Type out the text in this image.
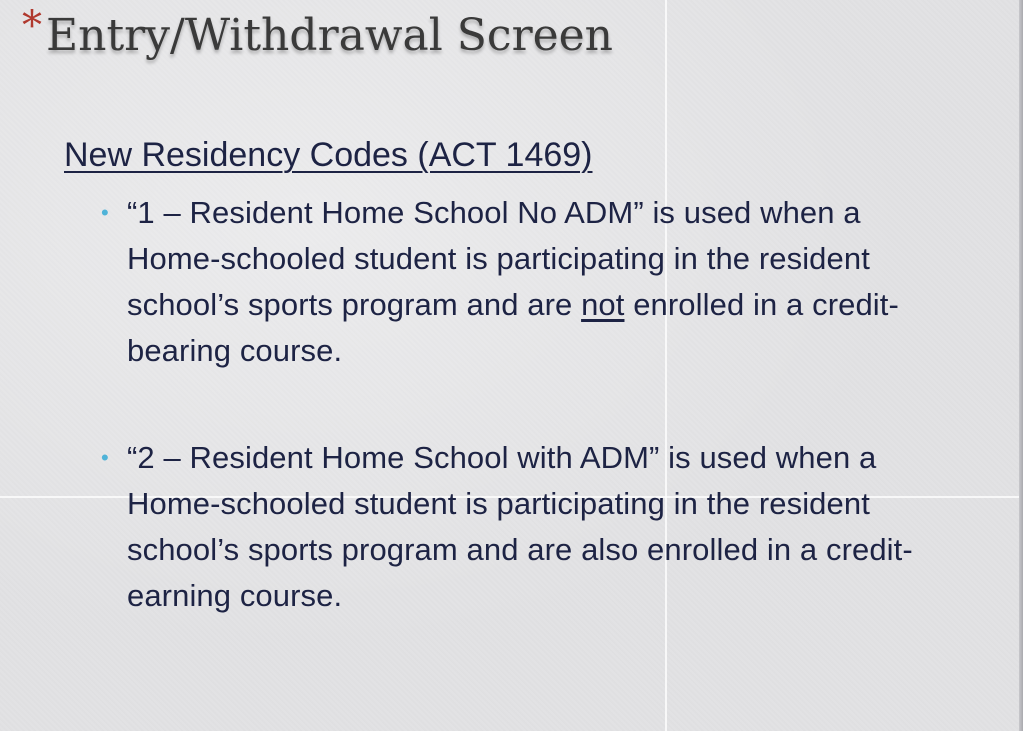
* Entry/Withdrawal Screen
New Residency Codes (ACT 1469)
• “1 – Resident Home School No ADM” is used when a Home-schooled student is participating in the resident school’s sports program and are not enrolled in a credit-bearing course.
• “2 – Resident Home School with ADM” is used when a Home-schooled student is participating in the resident school’s sports program and are also enrolled in a credit-earning course.
